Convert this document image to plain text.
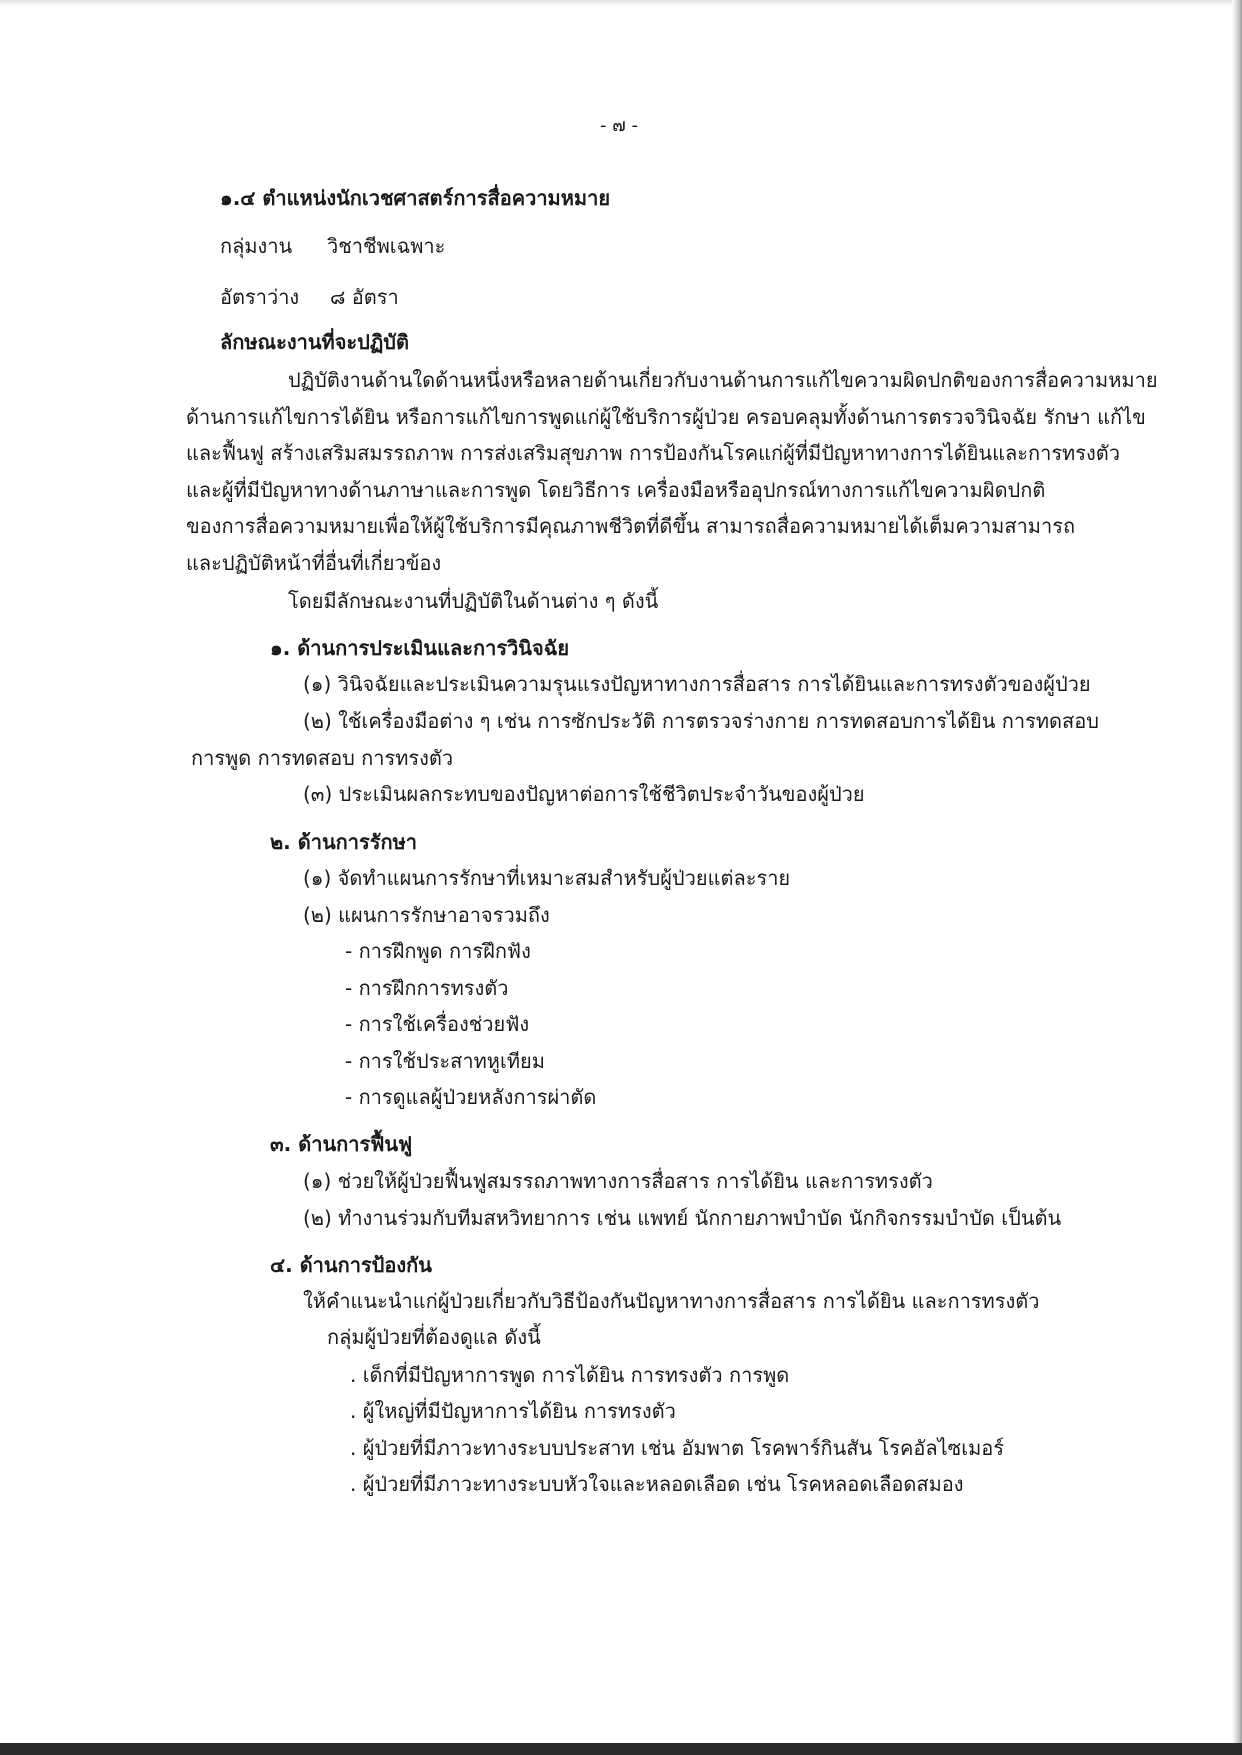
- ๗ -
๑.๔ ตำแหน่งนักเวชศาสตร์การสื่อความหมาย
กลุ่มงาน วิชาชีพเฉพาะ
อัตราว่าง ๘ อัตรา
ลักษณะงานที่จะปฏิบัติ
ปฏิบัติงานด้านใดด้านหนึ่งหรือหลายด้านเกี่ยวกับงานด้านการแก้ไขความผิดปกติของการสื่อความหมาย
ด้านการแก้ไขการได้ยิน หรือการแก้ไขการพูดแก่ผู้ใช้บริการผู้ป่วย ครอบคลุมทั้งด้านการตรวจวินิจฉัย รักษา แก้ไข
และฟื้นฟู สร้างเสริมสมรรถภาพ การส่งเสริมสุขภาพ การป้องกันโรคแก่ผู้ที่มีปัญหาทางการได้ยินและการทรงตัว
และผู้ที่มีปัญหาทางด้านภาษาและการพูด โดยวิธีการ เครื่องมือหรืออุปกรณ์ทางการแก้ไขความผิดปกติ
ของการสื่อความหมายเพื่อให้ผู้ใช้บริการมีคุณภาพชีวิตที่ดีขึ้น สามารถสื่อความหมายได้เต็มความสามารถ
และปฏิบัติหน้าที่อื่นที่เกี่ยวข้อง
โดยมีลักษณะงานที่ปฏิบัติในด้านต่าง ๆ ดังนี้
๑. ด้านการประเมินและการวินิจฉัย
(๑) วินิจฉัยและประเมินความรุนแรงปัญหาทางการสื่อสาร การได้ยินและการทรงตัวของผู้ป่วย
(๒) ใช้เครื่องมือต่าง ๆ เช่น การซักประวัติ การตรวจร่างกาย การทดสอบการได้ยิน การทดสอบ
การพูด การทดสอบ การทรงตัว
(๓) ประเมินผลกระทบของปัญหาต่อการใช้ชีวิตประจำวันของผู้ป่วย
๒. ด้านการรักษา
(๑) จัดทำแผนการรักษาที่เหมาะสมสำหรับผู้ป่วยแต่ละราย
(๒) แผนการรักษาอาจรวมถึง
- การฝึกพูด การฝึกฟัง
- การฝึกการทรงตัว
- การใช้เครื่องช่วยฟัง
- การใช้ประสาทหูเทียม
- การดูแลผู้ป่วยหลังการผ่าตัด
๓. ด้านการฟื้นฟู
(๑) ช่วยให้ผู้ป่วยฟื้นฟูสมรรถภาพทางการสื่อสาร การได้ยิน และการทรงตัว
(๒) ทำงานร่วมกับทีมสหวิทยาการ เช่น แพทย์ นักกายภาพบำบัด นักกิจกรรมบำบัด เป็นต้น
๔. ด้านการป้องกัน
ให้คำแนะนำแก่ผู้ป่วยเกี่ยวกับวิธีป้องกันปัญหาทางการสื่อสาร การได้ยิน และการทรงตัว
กลุ่มผู้ป่วยที่ต้องดูแล ดังนี้
. เด็กที่มีปัญหาการพูด การได้ยิน การทรงตัว การพูด
. ผู้ใหญ่ที่มีปัญหาการได้ยิน การทรงตัว
. ผู้ป่วยที่มีภาวะทางระบบประสาท เช่น อัมพาต โรคพาร์กินสัน โรคอัลไซเมอร์
. ผู้ป่วยที่มีภาวะทางระบบหัวใจและหลอดเลือด เช่น โรคหลอดเลือดสมอง
